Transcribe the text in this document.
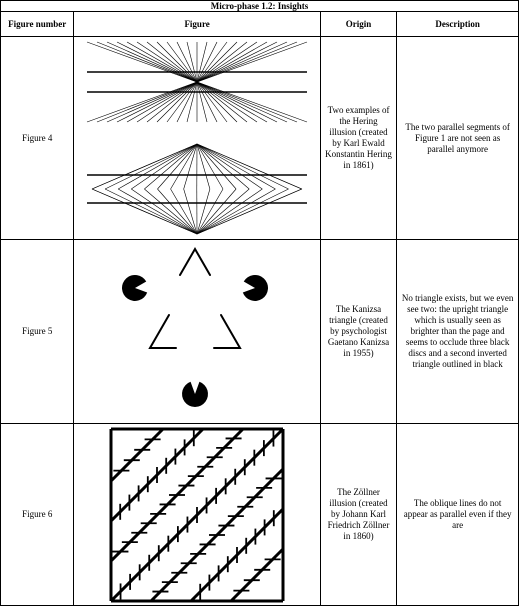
Micro-phase 1.2: Insights			
Figure number	Figure	Origin	Description
Figure 4		Two examples of the Hering illusion (created by Karl Ewald Konstantin Hering in 1861)	The two parallel segments of Figure 1 are not seen as parallel anymore

Figure 5		The Kanizsa triangle (created by psychologist Gaetano Kanizsa in 1955)	No triangle exists, but we even see two: the upright triangle which is usually seen as brighter than the page and seems to occlude three black discs and a second inverted triangle outlined in black

Figure 6		The Zöllner illusion (created by Johann Karl Friedrich Zöllner in 1860)	The oblique lines do not appear as parallel even if they are
